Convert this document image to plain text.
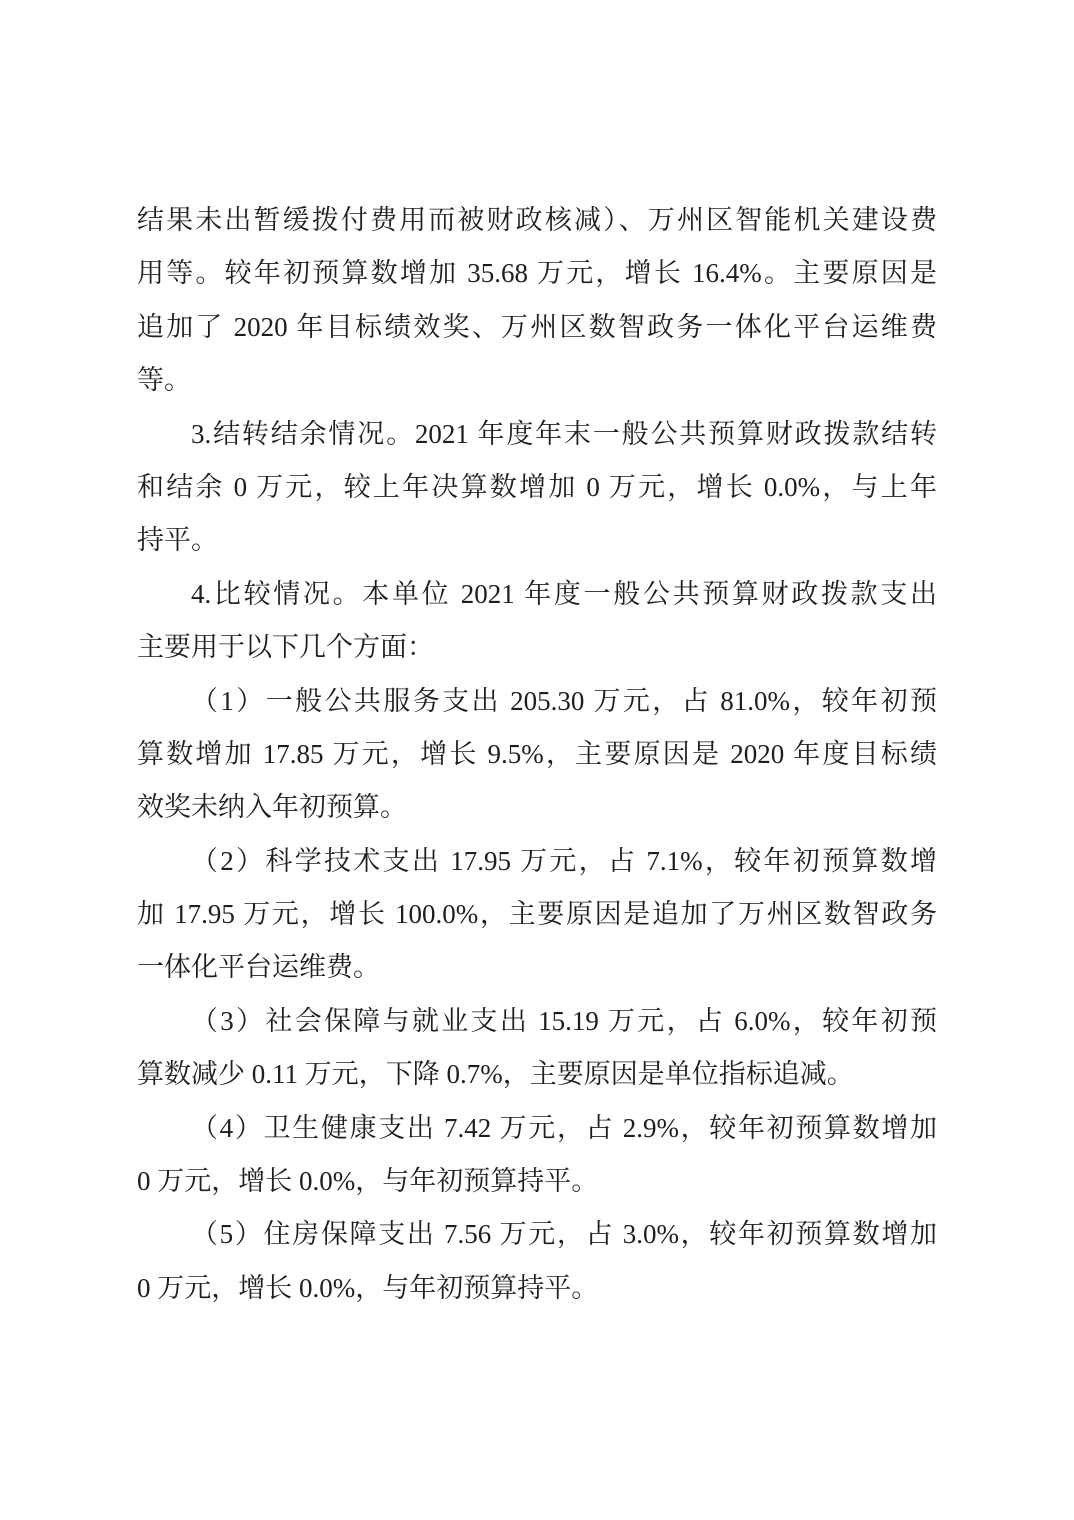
结果未出暂缓拨付费用而被财政核减）、万州区智能机关建设费
用等。较年初预算数增加 35.68 万元，增长 16.4%。主要原因是
追加了 2020 年目标绩效奖、万州区数智政务一体化平台运维费
等。
3.结转结余情况。2021 年度年末一般公共预算财政拨款结转
和结余 0 万元，较上年决算数增加 0 万元，增长 0.0%，与上年
持平。
4.比较情况。本单位 2021 年度一般公共预算财政拨款支出
主要用于以下几个方面：
（1）一般公共服务支出 205.30 万元，占 81.0%，较年初预
算数增加 17.85 万元，增长 9.5%，主要原因是 2020 年度目标绩
效奖未纳入年初预算。
（2）科学技术支出 17.95 万元，占 7.1%，较年初预算数增
加 17.95 万元，增长 100.0%，主要原因是追加了万州区数智政务
一体化平台运维费。
（3）社会保障与就业支出 15.19 万元，占 6.0%，较年初预
算数减少 0.11 万元，下降 0.7%，主要原因是单位指标追减。
（4）卫生健康支出 7.42 万元，占 2.9%，较年初预算数增加
0 万元，增长 0.0%，与年初预算持平。
（5）住房保障支出 7.56 万元，占 3.0%，较年初预算数增加
0 万元，增长 0.0%，与年初预算持平。
